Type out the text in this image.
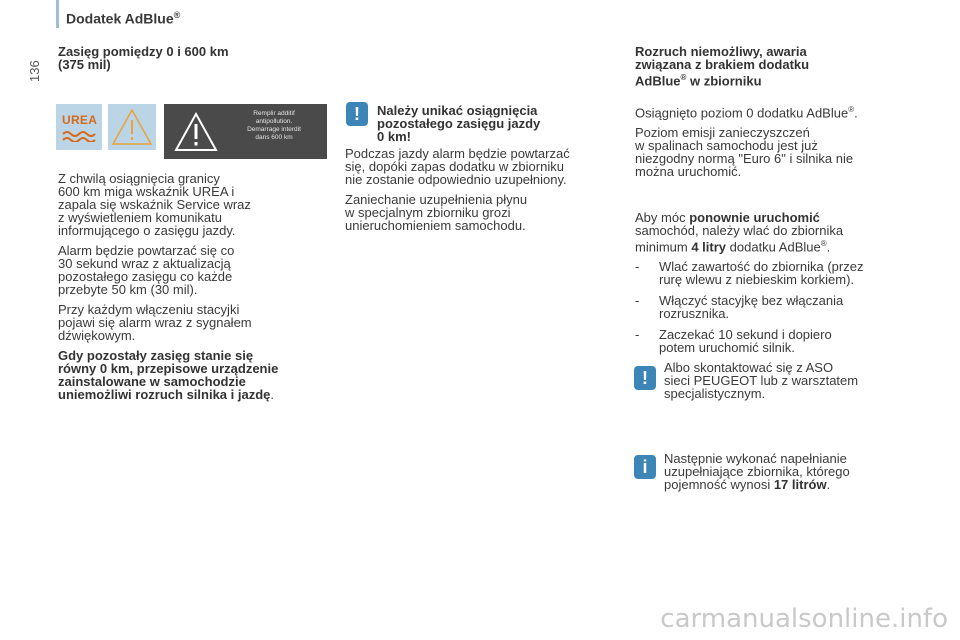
Dodatek AdBlue®
136
Zasięg pomiędzy 0 i 600 km
(375 mil)
UREA	Remplir additif
antipollution.
Demarrage interdit
dans 600 km

Z chwilą osiągnięcia granicy
600 km miga wskaźnik UREA i
zapala się wskaźnik Service wraz
z wyświetleniem komunikatu
informującego o zasięgu jazdy.

Alarm będzie powtarzać się co
30 sekund wraz z aktualizacją
pozostałego zasięgu co każde
przebyte 50 km (30 mil).

Przy każdym włączeniu stacyjki
pojawi się alarm wraz z sygnałem
dźwiękowym.

Gdy pozostały zasięg stanie się
równy 0 km, przepisowe urządzenie
zainstalowane w samochodzie
uniemożliwi rozruch silnika i jazdę.

!	Należy unikać osiągnięcia
pozostałego zasięgu jazdy
0 km!

Podczas jazdy alarm będzie powtarzać
się, dopóki zapas dodatku w zbiorniku
nie zostanie odpowiednio uzupełniony.

Zaniechanie uzupełnienia płynu
w specjalnym zbiorniku grozi
unieruchomieniem samochodu.

Rozruch niemożliwy, awaria
związana z brakiem dodatku
AdBlue® w zbiorniku

Osiągnięto poziom 0 dodatku AdBlue®.

Poziom emisji zanieczyszczeń
w spalinach samochodu jest już
niezgodny normą "Euro 6" i silnika nie
można uruchomić.

Aby móc ponownie uruchomić
samochód, należy wlać do zbiornika
minimum 4 litry dodatku AdBlue®.

- Wlać zawartość do zbiornika (przez
rurę wlewu z niebieskim korkiem).
- Włączyć stacyjkę bez włączania
rozrusznika.
- Zaczekać 10 sekund i dopiero
potem uruchomić silnik.
!
Albo skontaktować się z ASO
sieci PEUGEOT lub z warsztatem
specjalistycznym.
i	Następnie wykonać napełnianie
uzupełniające zbiornika, którego
pojemność wynosi 17 litrów.
carmanualsonline.info
